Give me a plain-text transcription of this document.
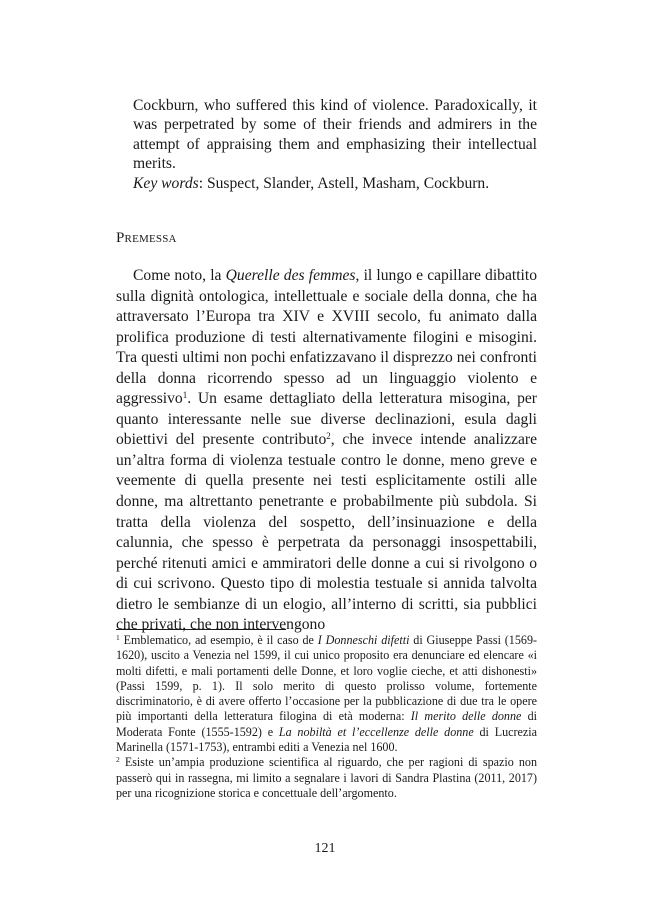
Cockburn, who suffered this kind of violence. Paradoxically, it was perpetrated by some of their friends and admirers in the attempt of appraising them and emphasizing their intellectual merits.

Key words: Suspect, Slander, Astell, Masham, Cockburn.

Premessa

Come noto, la Querelle des femmes, il lungo e capillare dibattito sulla dignità ontologica, intellettuale e sociale della donna, che ha attraversato l’Europa tra XIV e XVIII secolo, fu animato dalla prolifica produzione di testi alternativamente filogini e misogini. Tra questi ultimi non pochi enfatizzavano il disprezzo nei confronti della donna ricorrendo spesso ad un linguaggio violento e aggressivo$^1$. Un esame dettagliato della letteratura misogina, per quanto interessante nelle sue diverse declinazioni, esula dagli obiettivi del presente contributo$^2$, che invece intende analizzare un’altra forma di violenza testuale contro le donne, meno greve e veemente di quella presente nei testi esplicitamente ostili alle donne, ma altrettanto penetrante e probabilmente più subdola. Si tratta della violenza del sospetto, dell’insinuazione e della calunnia, che spesso è perpetrata da personaggi insospettabili, perché ritenuti amici e ammiratori delle donne a cui si rivolgono o di cui scrivono. Questo tipo di molestia testuale si annida talvolta dietro le sembianze di un elogio, all’interno di scritti, sia pubblici che privati, che non intervengono

$^1$ Emblematico, ad esempio, è il caso de I Donneschi difetti di Giuseppe Passi (1569-1620), uscito a Venezia nel 1599, il cui unico proposito era denunciare ed elencare «i molti difetti, e mali portamenti delle Donne, et loro voglie cieche, et atti dishonesti» (Passi 1599, p. 1). Il solo merito di questo prolisso volume, fortemente discriminatorio, è di avere offerto l’occasione per la pubblicazione di due tra le opere più importanti della letteratura filogina di età moderna: Il merito delle donne di Moderata Fonte (1555-1592) e La nobiltà et l’eccellenze delle donne di Lucrezia Marinella (1571-1753), entrambi editi a Venezia nel 1600.

$^2$ Esiste un’ampia produzione scientifica al riguardo, che per ragioni di spazio non passerò qui in rassegna, mi limito a segnalare i lavori di Sandra Plastina (2011, 2017) per una ricognizione storica e concettuale dell’argomento.

121
